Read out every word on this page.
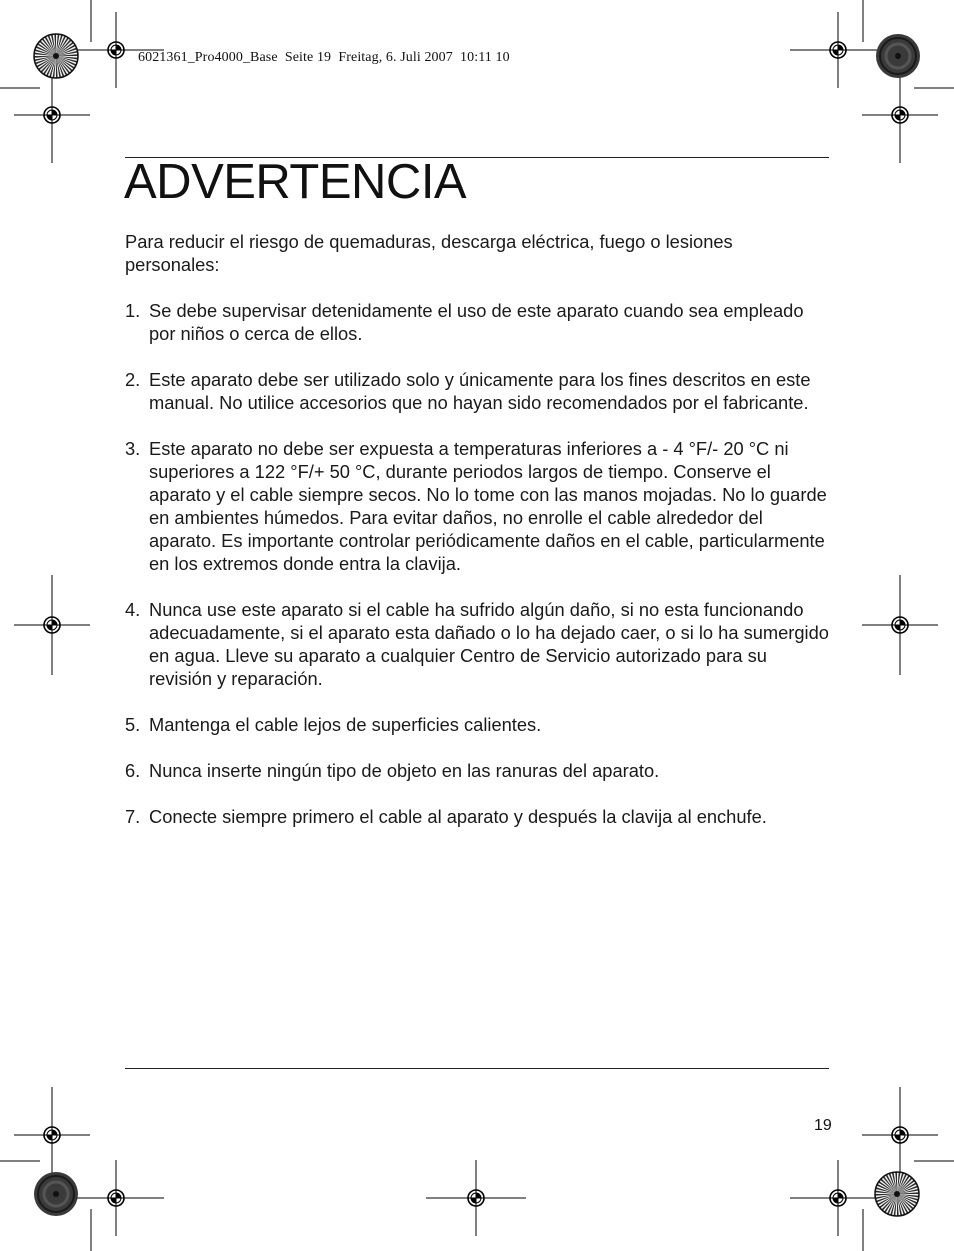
6021361_Pro4000_Base  Seite 19  Freitag, 6. Juli 2007  10:11 10
ADVERTENCIA

Para reducir el riesgo de quemaduras, descarga eléctrica, fuego o lesiones personales:

1. Se debe supervisar detenidamente el uso de este aparato cuando sea empleado por niños o cerca de ellos.
2. Este aparato debe ser utilizado solo y únicamente para los fines descritos en este manual. No utilice accesorios que no hayan sido recomendados por el fabricante.
3. Este aparato no debe ser expuesta a temperaturas inferiores a - 4 °F/- 20 °C ni superiores a 122 °F/+ 50 °C, durante periodos largos de tiempo. Conserve el aparato y el cable siempre secos. No lo tome con las manos mojadas. No lo guarde en ambientes húmedos. Para evitar daños, no enrolle el cable alrededor del aparato. Es importante controlar periódicamente daños en el cable, particularmente en los extremos donde entra la clavija.
4. Nunca use este aparato si el cable ha sufrido algún daño, si no esta funcionando adecuadamente, si el aparato esta dañado o lo ha dejado caer, o si lo ha sumergido en agua. Lleve su aparato a cualquier Centro de Servicio autorizado para su revisión y reparación.
5. Mantenga el cable lejos de superficies calientes.
6. Nunca inserte ningún tipo de objeto en las ranuras del aparato.
7. Conecte siempre primero el cable al aparato y después la clavija al enchufe.
19
